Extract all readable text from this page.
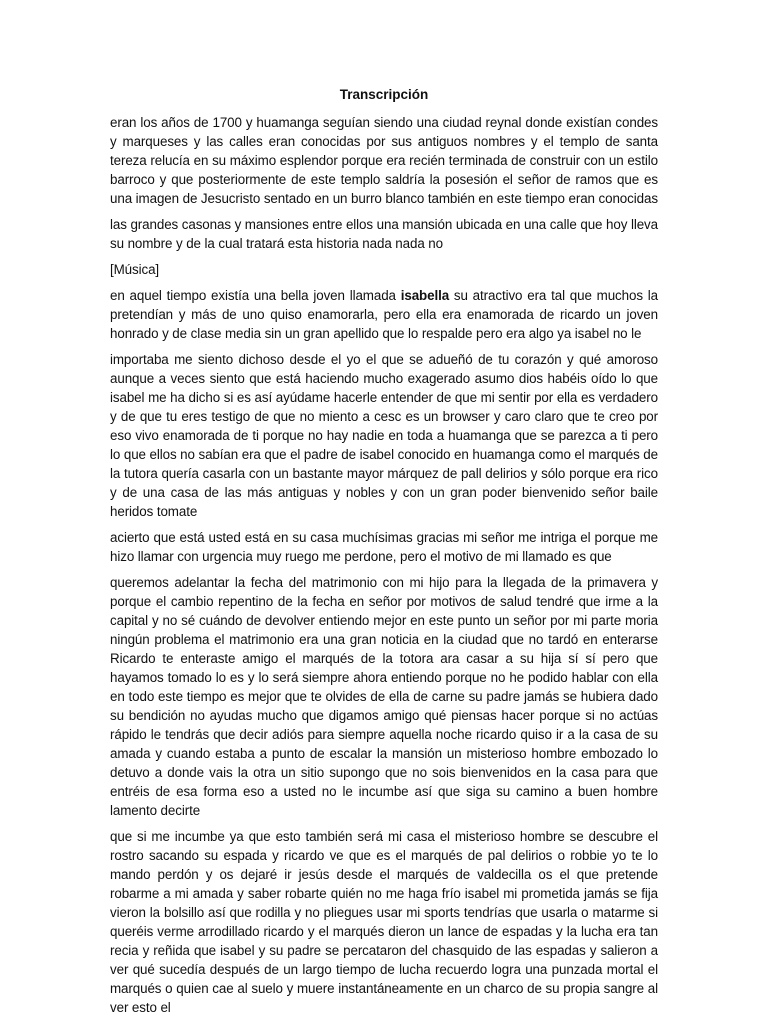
Transcripción

eran los años de 1700 y huamanga seguían siendo una ciudad reynal donde existían condes y marqueses y las calles eran conocidas por sus antiguos nombres y el templo de santa tereza relucía en su máximo esplendor porque era recién terminada de construir con un estilo barroco y que posteriormente de este templo saldría la posesión el señor de ramos que es una imagen de Jesucristo sentado en un burro blanco también en este tiempo eran conocidas

las grandes casonas y mansiones entre ellos una mansión ubicada en una calle que hoy lleva su nombre y de la cual tratará esta historia nada nada no

[Música]

en aquel tiempo existía una bella joven llamada isabella su atractivo era tal que muchos la pretendían y más de uno quiso enamorarla, pero ella era enamorada de ricardo un joven honrado y de clase media sin un gran apellido que lo respalde pero era algo ya isabel no le

importaba me siento dichoso desde el yo el que se adueñó de tu corazón y qué amoroso aunque a veces siento que está haciendo mucho exagerado asumo dios habéis oído lo que isabel me ha dicho si es así ayúdame hacerle entender de que mi sentir por ella es verdadero y de que tu eres testigo de que no miento a cesc es un browser y caro claro que te creo por eso vivo enamorada de ti porque no hay nadie en toda a huamanga que se parezca a ti pero lo que ellos no sabían era que el padre de isabel conocido en huamanga como el marqués de la tutora quería casarla con un bastante mayor márquez de pall delirios y sólo porque era rico y de una casa de las más antiguas y nobles y con un gran poder bienvenido señor baile heridos tomate

acierto que está usted está en su casa muchísimas gracias mi señor me intriga el porque me hizo llamar con urgencia muy ruego me perdone, pero el motivo de mi llamado es que

queremos adelantar la fecha del matrimonio con mi hijo para la llegada de la primavera y porque el cambio repentino de la fecha en señor por motivos de salud tendré que irme a la capital y no sé cuándo de devolver entiendo mejor en este punto un señor por mi parte moria ningún problema el matrimonio era una gran noticia en la ciudad que no tardó en enterarse Ricardo te enteraste amigo el marqués de la totora ara casar a su hija sí sí pero que hayamos tomado lo es y lo será siempre ahora entiendo porque no he podido hablar con ella en todo este tiempo es mejor que te olvides de ella de carne su padre jamás se hubiera dado su bendición no ayudas mucho que digamos amigo qué piensas hacer porque si no actúas rápido le tendrás que decir adiós para siempre aquella noche ricardo quiso ir a la casa de su amada y cuando estaba a punto de escalar la mansión un misterioso hombre embozado lo detuvo a donde vais la otra un sitio supongo que no sois bienvenidos en la casa para que entréis de esa forma eso a usted no le incumbe así que siga su camino a buen hombre lamento decirte

que si me incumbe ya que esto también será mi casa el misterioso hombre se descubre el rostro sacando su espada y ricardo ve que es el marqués de pal delirios o robbie yo te lo mando perdón y os dejaré ir jesús desde el marqués de valdecilla os el que pretende robarme a mi amada y saber robarte quién no me haga frío isabel mi prometida jamás se fija vieron la bolsillo así que rodilla y no pliegues usar mi sports tendrías que usarla o matarme si queréis verme arrodillado ricardo y el marqués dieron un lance de espadas y la lucha era tan recia y reñida que isabel y su padre se percataron del chasquido de las espadas y salieron a ver qué sucedía después de un largo tiempo de lucha recuerdo logra una punzada mortal el marqués o quien cae al suelo y muere instantáneamente en un charco de su propia sangre al ver esto el
